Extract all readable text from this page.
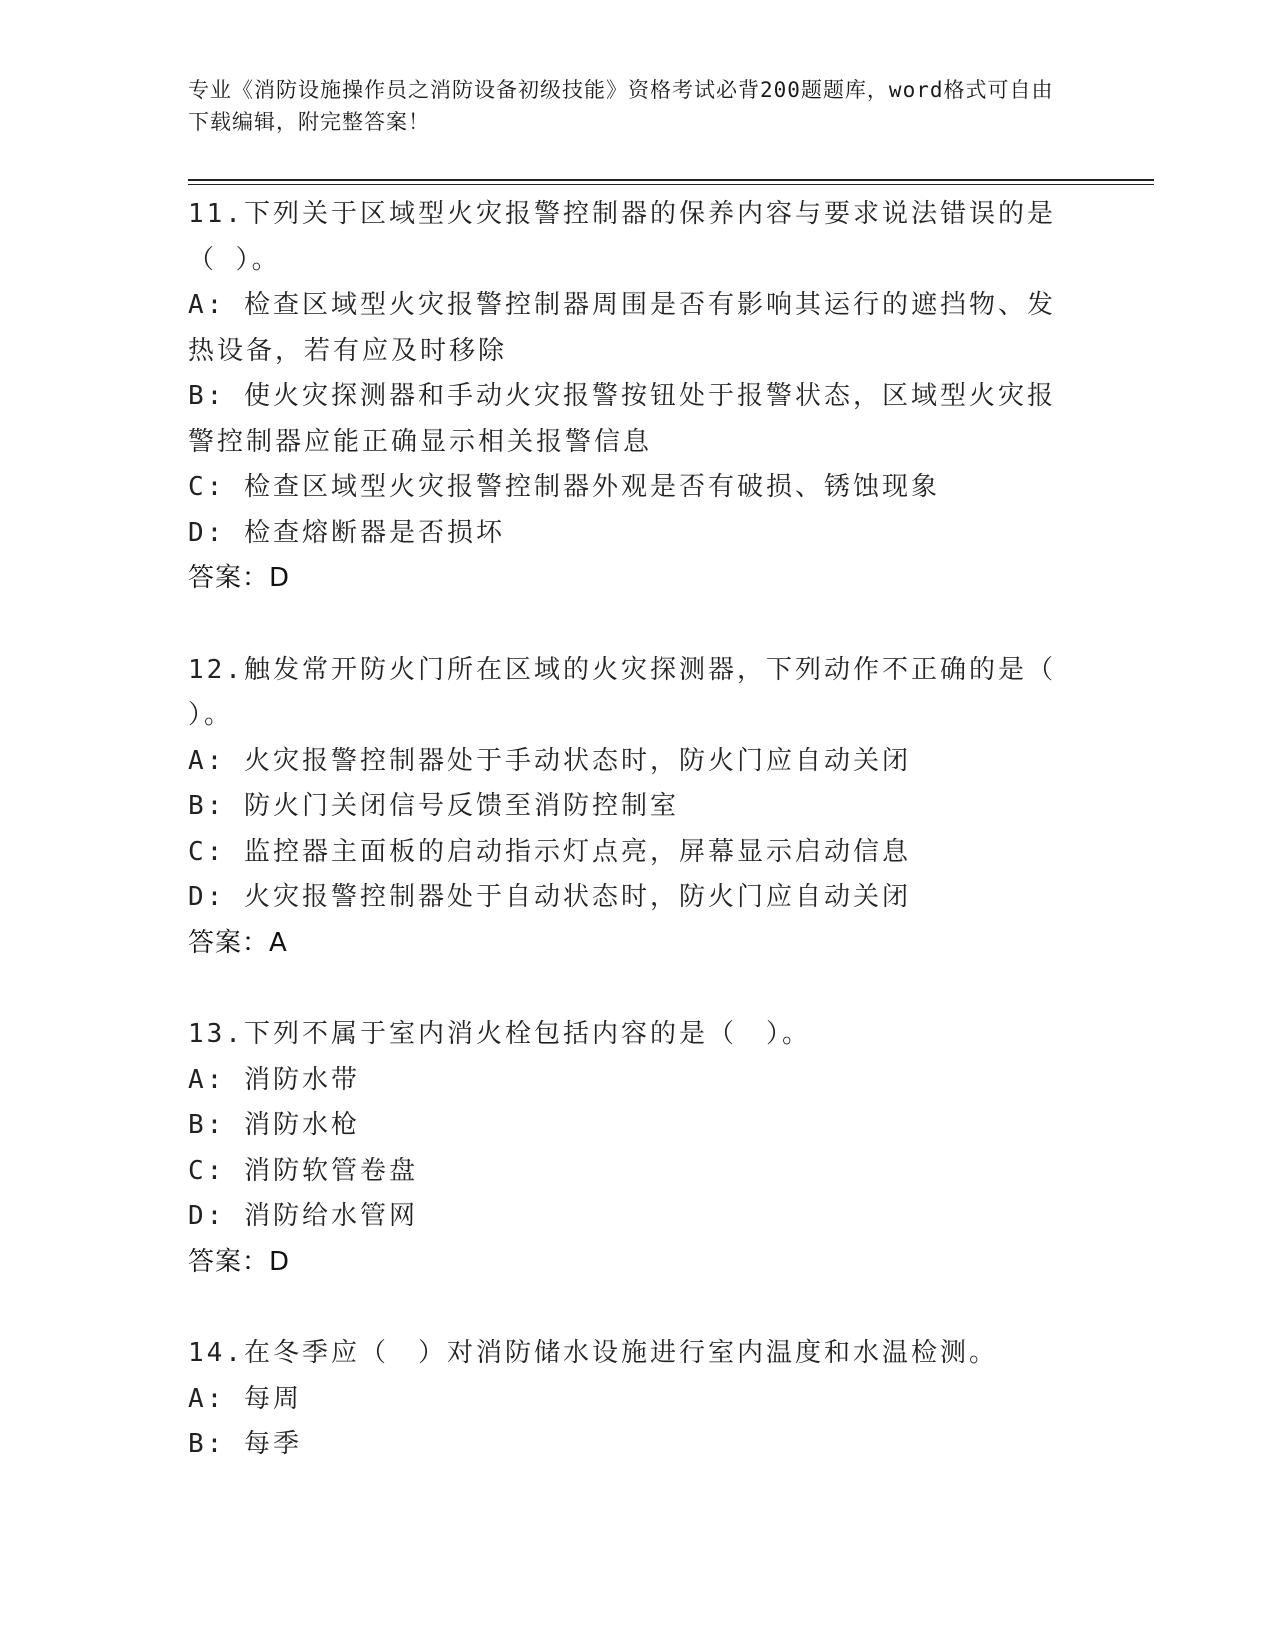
专业《消防设施操作员之消防设备初级技能》资格考试必背200题题库，word格式可自由下载编辑，附完整答案！
11.下列关于区域型火灾报警控制器的保养内容与要求说法错误的是（ ）。
A: 检查区域型火灾报警控制器周围是否有影响其运行的遮挡物、发热设备，若有应及时移除
B: 使火灾探测器和手动火灾报警按钮处于报警状态，区域型火灾报警控制器应能正确显示相关报警信息
C: 检查区域型火灾报警控制器外观是否有破损、锈蚀现象
D: 检查熔断器是否损坏
答案：D
12.触发常开防火门所在区域的火灾探测器，下列动作不正确的是（ ）。
A: 火灾报警控制器处于手动状态时，防火门应自动关闭
B: 防火门关闭信号反馈至消防控制室
C: 监控器主面板的启动指示灯点亮，屏幕显示启动信息
D: 火灾报警控制器处于自动状态时，防火门应自动关闭
答案：A
13.下列不属于室内消火栓包括内容的是（　）。
A: 消防水带
B: 消防水枪
C: 消防软管卷盘
D: 消防给水管网
答案：D
14.在冬季应（　）对消防储水设施进行室内温度和水温检测。
A: 每周
B: 每季
